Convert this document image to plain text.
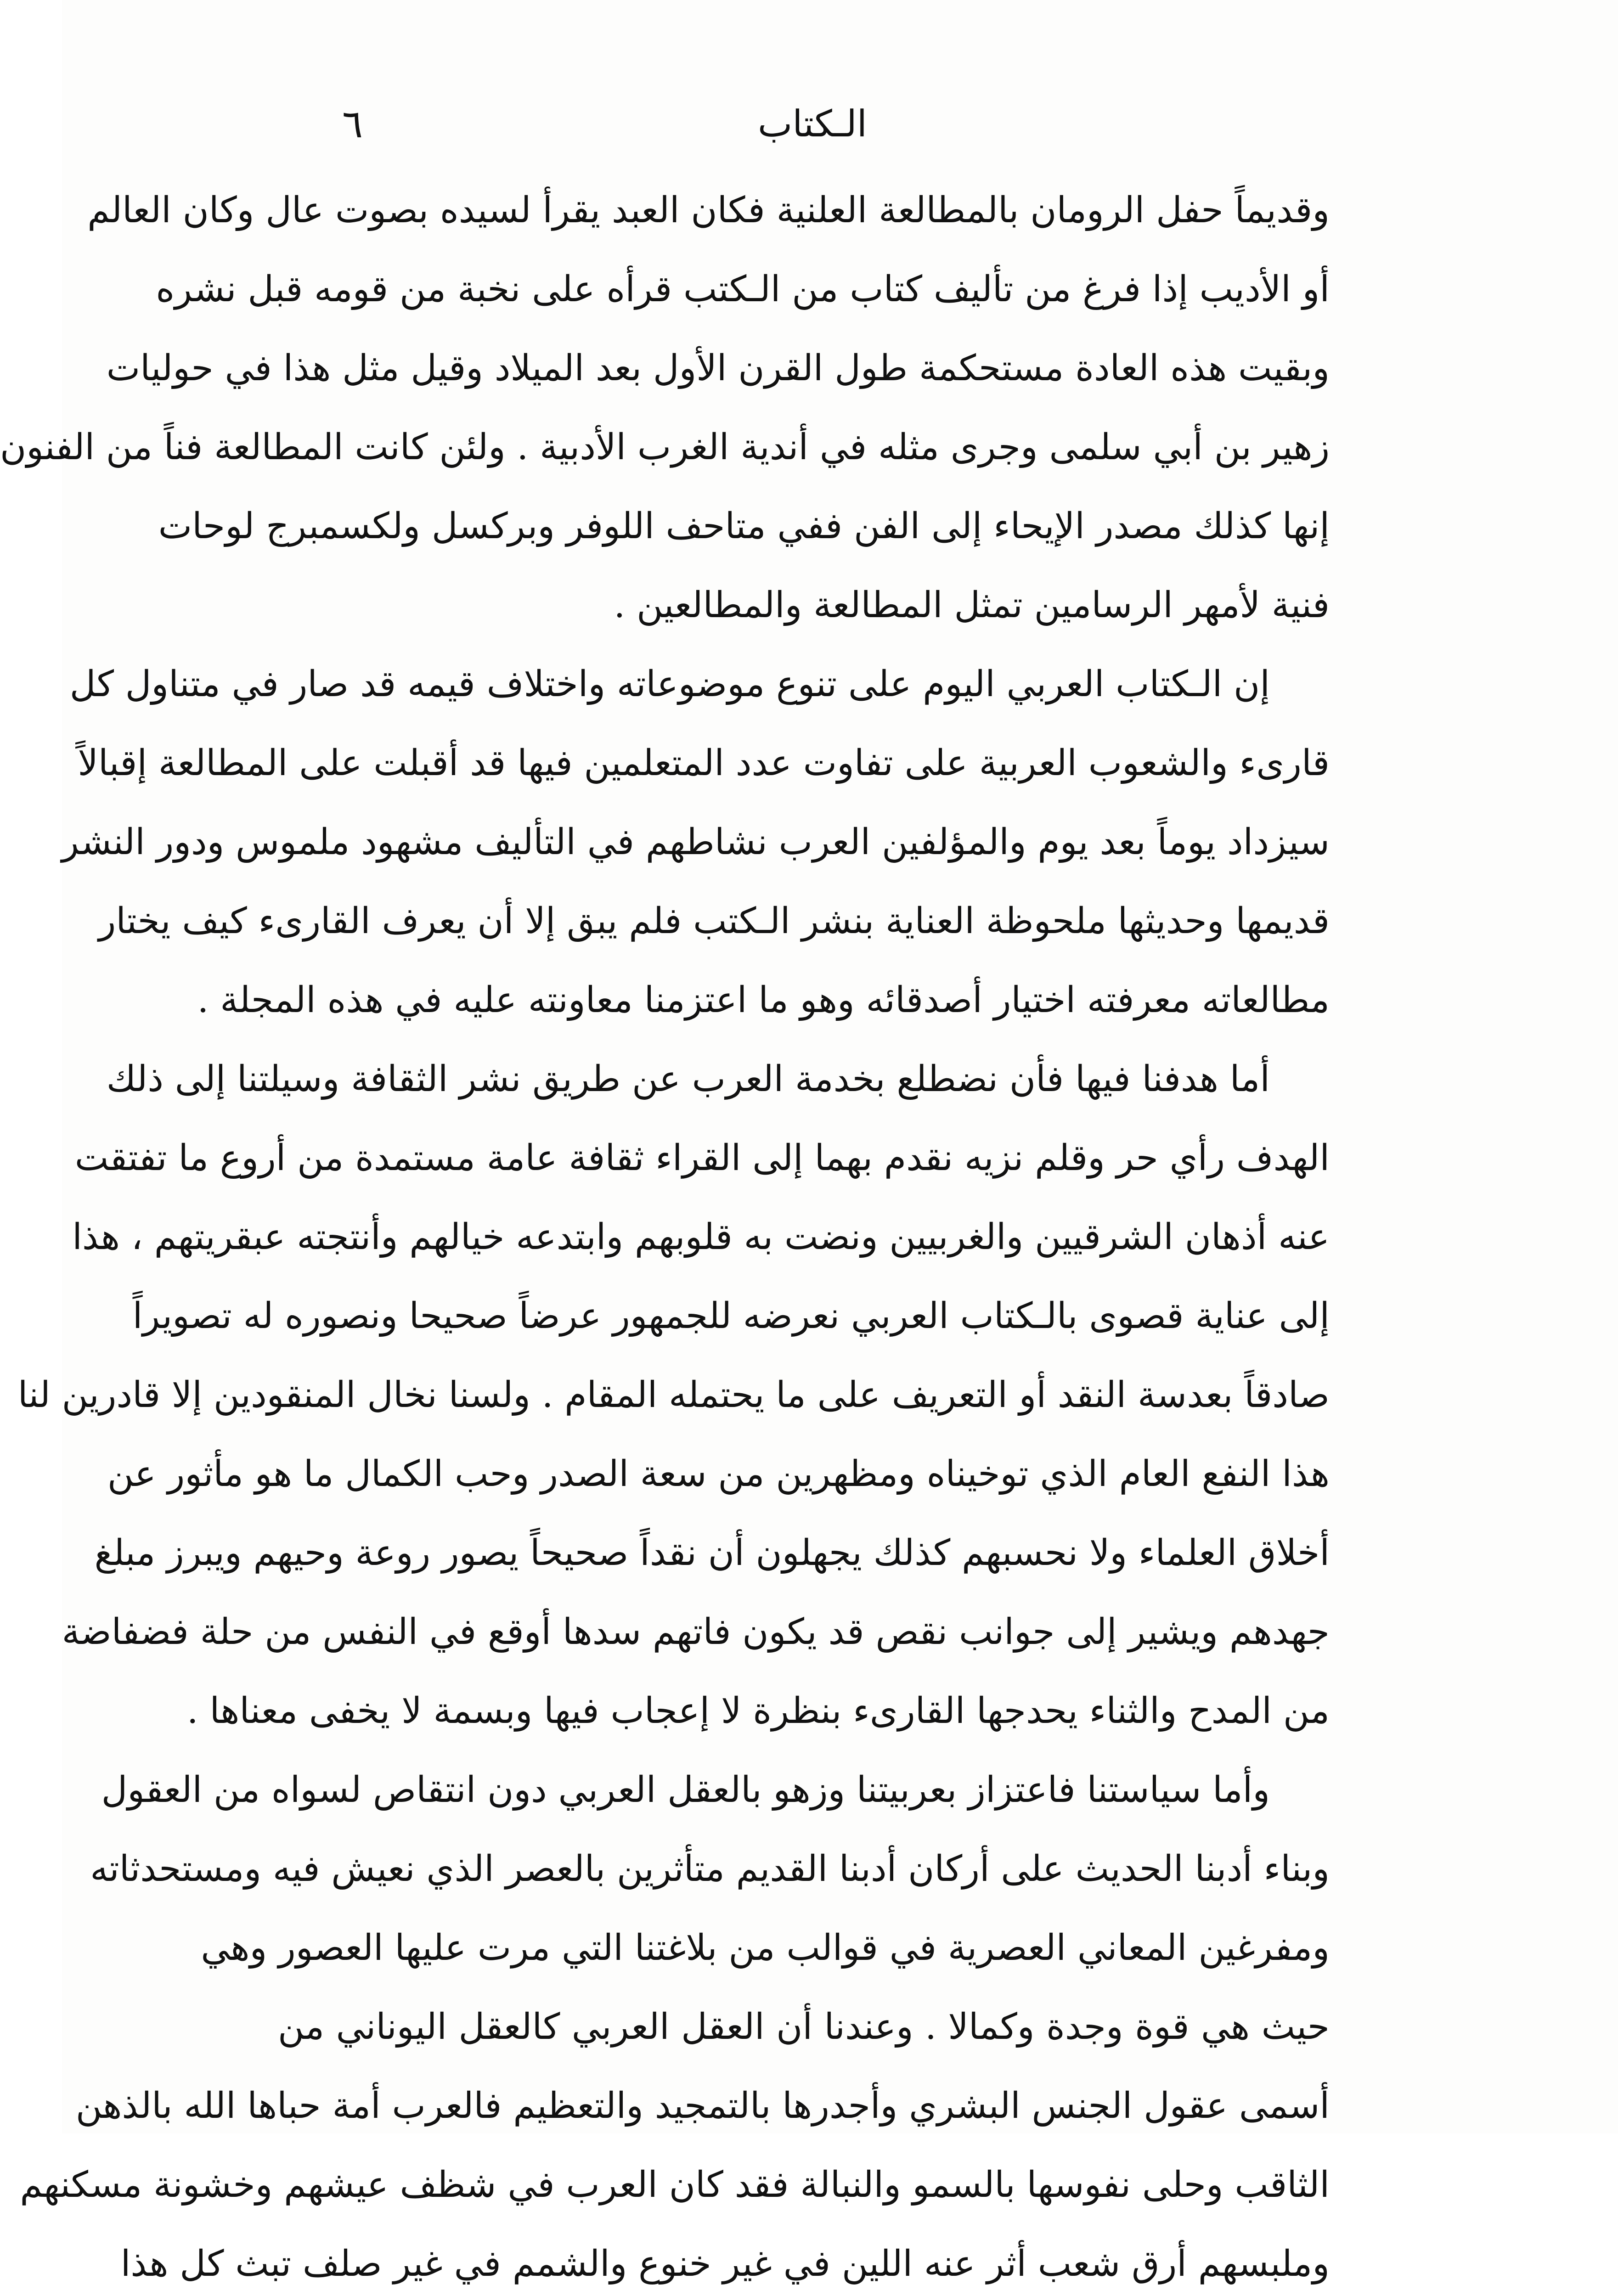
٦	الـكتاب
وقديماً حفل الرومان بالمطالعة العلنية فكان العبد يقرأ لسيده بصوت عال وكان العالم
أو الأديب إذا فرغ من تأليف كتاب من الـكتب قرأه على نخبة من قومه قبل نشره
وبقيت هذه العادة مستحكمة طول القرن الأول بعد الميلاد وقيل مثل هذا في حوليات
زهير بن أبي سلمى وجرى مثله في أندية الغرب الأدبية . ولئن كانت المطالعة فناً من الفنون
إنها كذلك مصدر الإيحاء إلى الفن ففي متاحف اللوفر وبركسل ولكسمبرج لوحات
فنية لأمهر الرسامين تمثل المطالعة والمطالعين .
إن الـكتاب العربي اليوم على تنوع موضوعاته واختلاف قيمه قد صار في متناول كل
قارىء والشعوب العربية على تفاوت عدد المتعلمين فيها قد أقبلت على المطالعة إقبالاً
سيزداد يوماً بعد يوم والمؤلفين العرب نشاطهم في التأليف مشهود ملموس ودور النشر
قديمها وحديثها ملحوظة العناية بنشر الـكتب فلم يبق إلا أن يعرف القارىء كيف يختار
مطالعاته معرفته اختيار أصدقائه وهو ما اعتزمنا معاونته عليه في هذه المجلة .
أما هدفنا فيها فأن نضطلع بخدمة العرب عن طريق نشر الثقافة وسيلتنا إلى ذلك
الهدف رأي حر وقلم نزيه نقدم بهما إلى القراء ثقافة عامة مستمدة من أروع ما تفتقت
عنه أذهان الشرقيين والغربيين ونضت به قلوبهم وابتدعه خيالهم وأنتجته عبقريتهم ، هذا
إلى عناية قصوى بالـكتاب العربي نعرضه للجمهور عرضاً صحيحا ونصوره له تصويراً
صادقاً بعدسة النقد أو التعريف على ما يحتمله المقام . ولسنا نخال المنقودين إلا قادرين لنا
هذا النفع العام الذي توخيناه ومظهرين من سعة الصدر وحب الكمال ما هو مأثور عن
أخلاق العلماء ولا نحسبهم كذلك يجهلون أن نقداً صحيحاً يصور روعة وحيهم ويبرز مبلغ
جهدهم ويشير إلى جوانب نقص قد يكون فاتهم سدها أوقع في النفس من حلة فضفاضة
من المدح والثناء يحدجها القارىء بنظرة لا إعجاب فيها وبسمة لا يخفى معناها .
وأما سياستنا فاعتزاز بعربيتنا وزهو بالعقل العربي دون انتقاص لسواه من العقول
وبناء أدبنا الحديث على أركان أدبنا القديم متأثرين بالعصر الذي نعيش فيه ومستحدثاته
ومفرغين المعاني العصرية في قوالب من بلاغتنا التي مرت عليها العصور وهي
حيث هي قوة وجدة وكمالا . وعندنا أن العقل العربي كالعقل اليوناني من
أسمى عقول الجنس البشري وأجدرها بالتمجيد والتعظيم فالعرب أمة حباها الله بالذهن
الثاقب وحلى نفوسها بالسمو والنبالة فقد كان العرب في شظف عيشهم وخشونة مسكنهم
وملبسهم أرق شعب أثر عنه اللين في غير خنوع والشمم في غير صلف تبث كل هذا
